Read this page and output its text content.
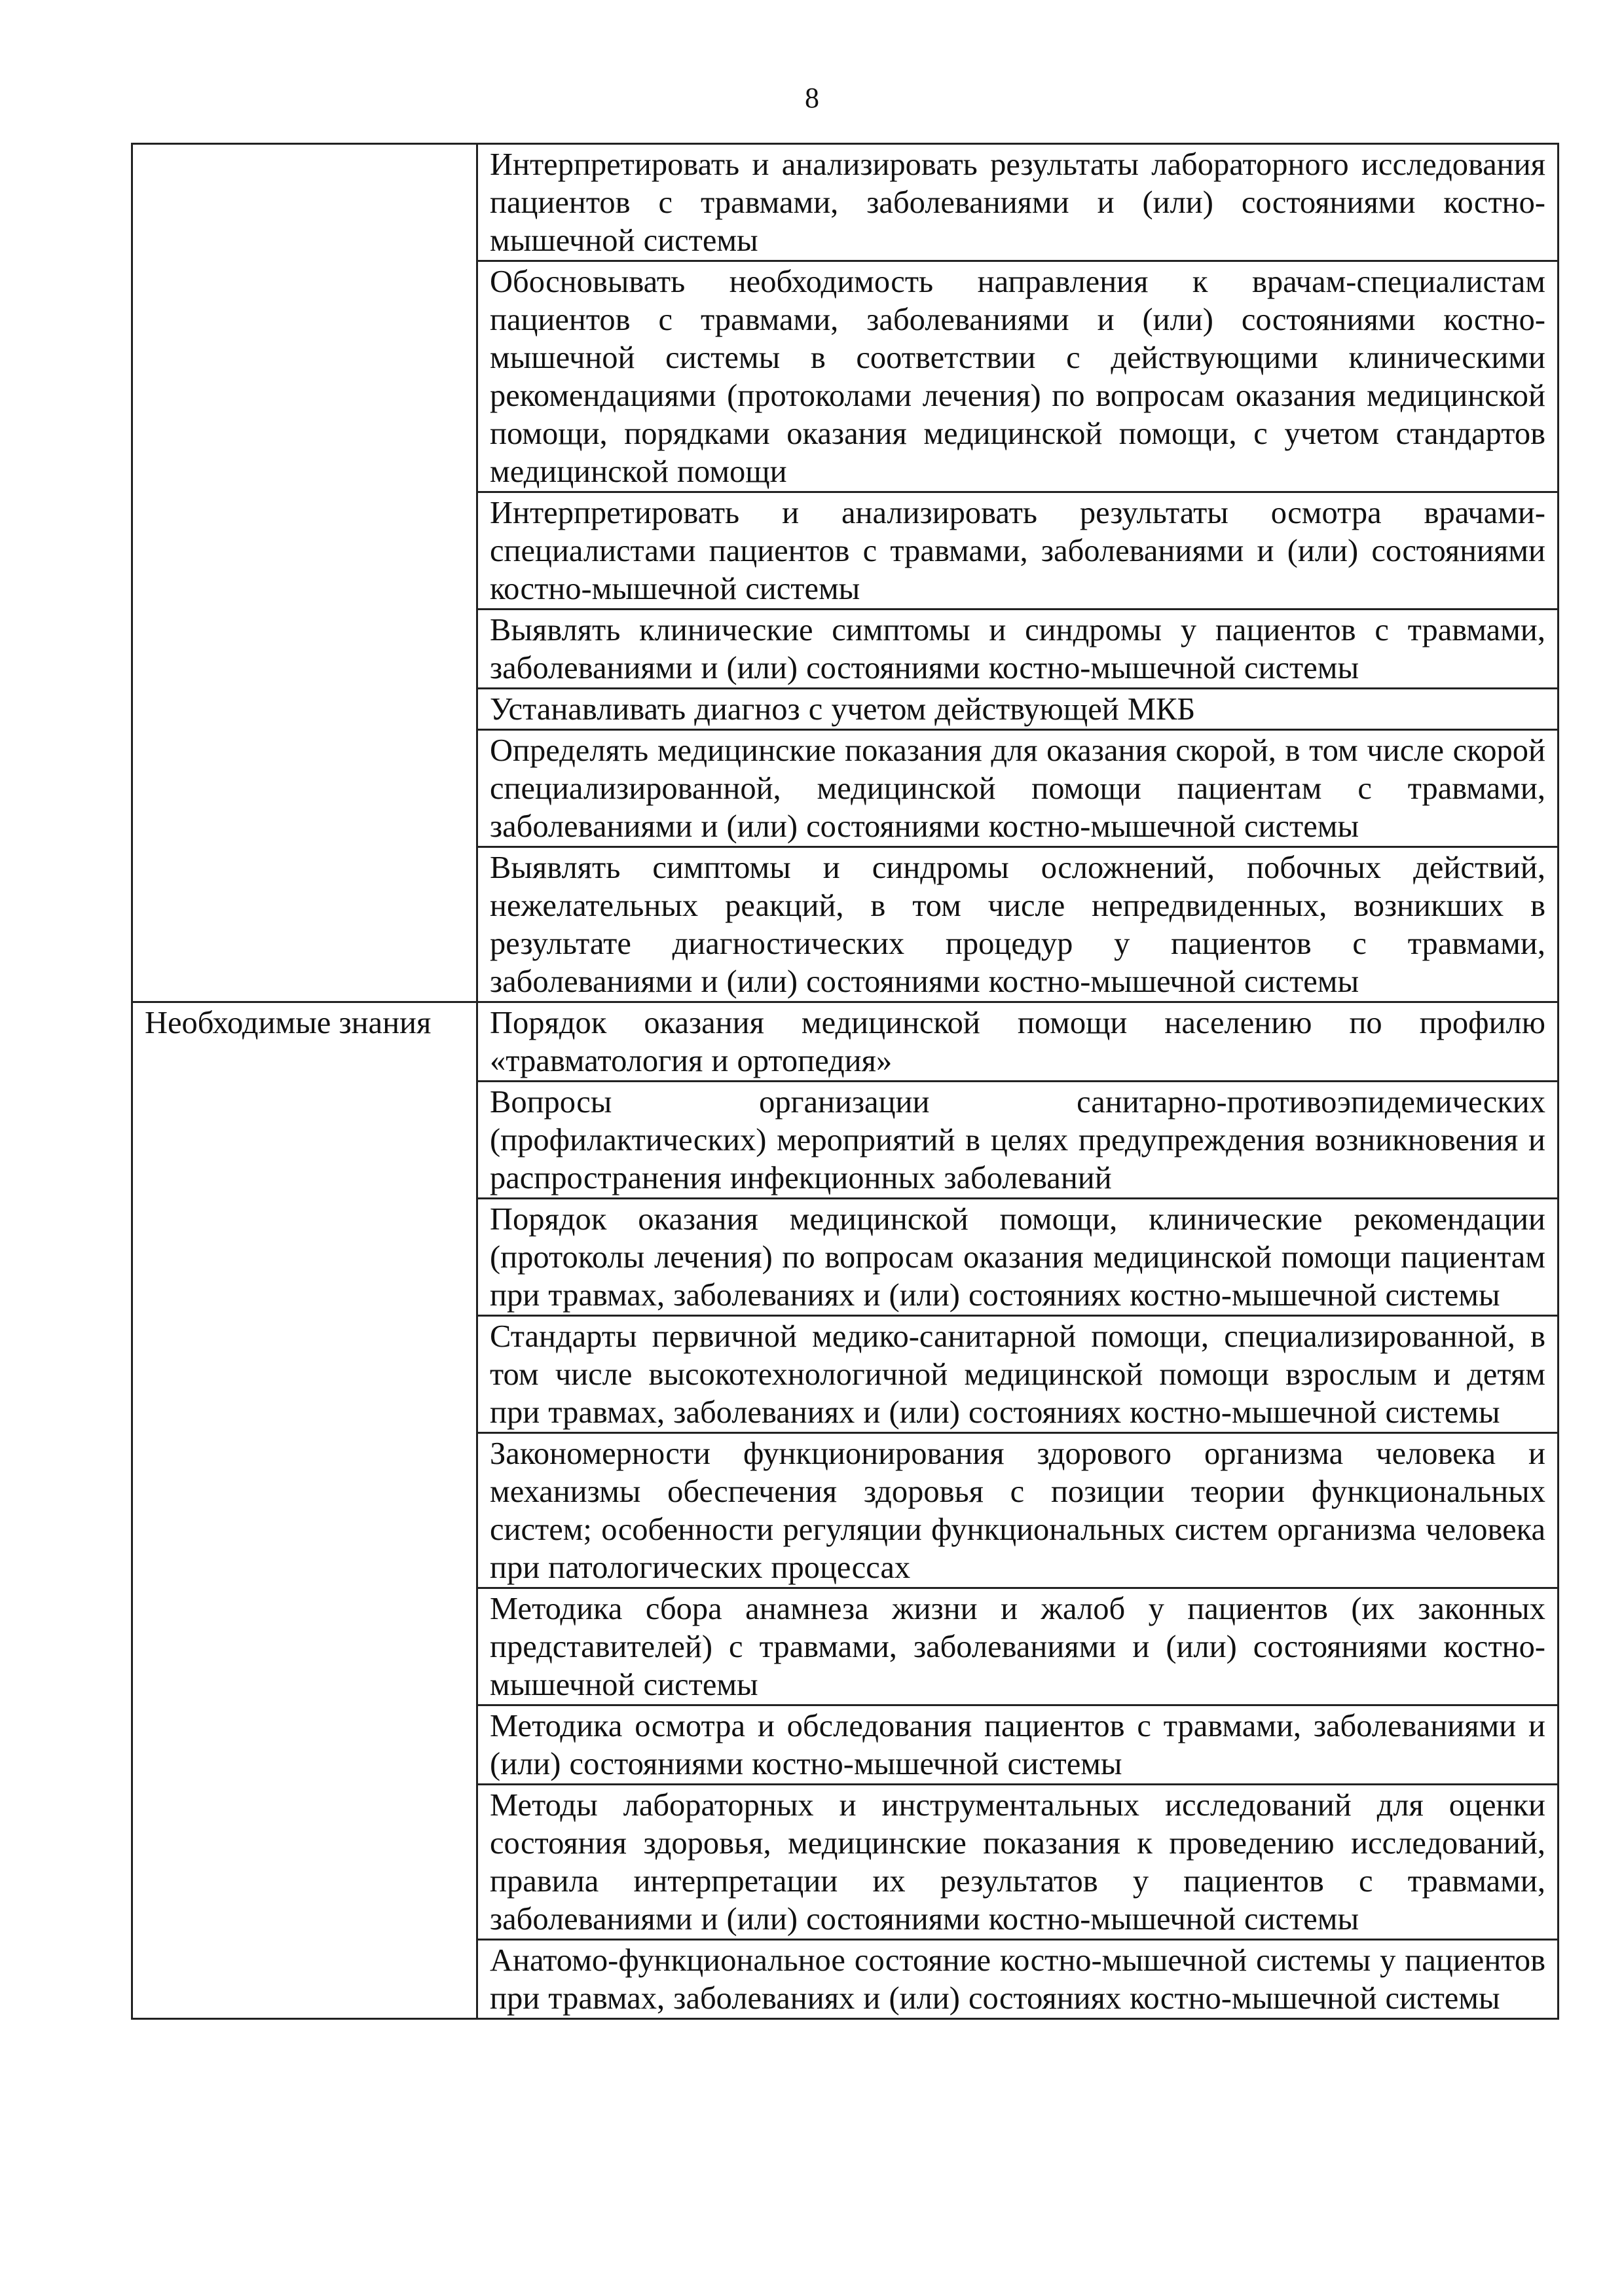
8
	Интерпретировать и анализировать результаты лабораторного исследования пациентов с травмами, заболеваниями и (или) состояниями костно-мышечной системы
	Обосновывать необходимость направления к врачам-специалистам пациентов с травмами, заболеваниями и (или) состояниями костно-мышечной системы в соответствии с действующими клиническими рекомендациями (протоколами лечения) по вопросам оказания медицинской помощи, порядками оказания медицинской помощи, с учетом стандартов медицинской помощи
	Интерпретировать и анализировать результаты осмотра врачами-специалистами пациентов с травмами, заболеваниями и (или) состояниями костно-мышечной системы
	Выявлять клинические симптомы и синдромы у пациентов с травмами, заболеваниями и (или) состояниями костно-мышечной системы
	Устанавливать диагноз с учетом действующей МКБ
	Определять медицинские показания для оказания скорой, в том числе скорой специализированной, медицинской помощи пациентам с травмами, заболеваниями и (или) состояниями костно-мышечной системы
	Выявлять симптомы и синдромы осложнений, побочных действий, нежелательных реакций, в том числе непредвиденных, возникших в результате диагностических процедур у пациентов с травмами, заболеваниями и (или) состояниями костно-мышечной системы
Необходимые знания	Порядок оказания медицинской помощи населению по профилю «травматология и ортопедия»
	Вопросы организации санитарно-противоэпидемических (профилактических) мероприятий в целях предупреждения возникновения и распространения инфекционных заболеваний
	Порядок оказания медицинской помощи, клинические рекомендации (протоколы лечения) по вопросам оказания медицинской помощи пациентам при травмах, заболеваниях и (или) состояниях костно-мышечной системы
	Стандарты первичной медико-санитарной помощи, специализированной, в том числе высокотехнологичной медицинской помощи взрослым и детям при травмах, заболеваниях и (или) состояниях костно-мышечной системы
	Закономерности функционирования здорового организма человека и механизмы обеспечения здоровья с позиции теории функциональных систем; особенности регуляции функциональных систем организма человека при патологических процессах
	Методика сбора анамнеза жизни и жалоб у пациентов (их законных представителей) с травмами, заболеваниями и (или) состояниями костно-мышечной системы
	Методика осмотра и обследования пациентов с травмами, заболеваниями и (или) состояниями костно-мышечной системы
	Методы лабораторных и инструментальных исследований для оценки состояния здоровья, медицинские показания к проведению исследований, правила интерпретации их результатов у пациентов с травмами, заболеваниями и (или) состояниями костно-мышечной системы
	Анатомо-функциональное состояние костно-мышечной системы у пациентов при травмах, заболеваниях и (или) состояниях костно-мышечной системы
